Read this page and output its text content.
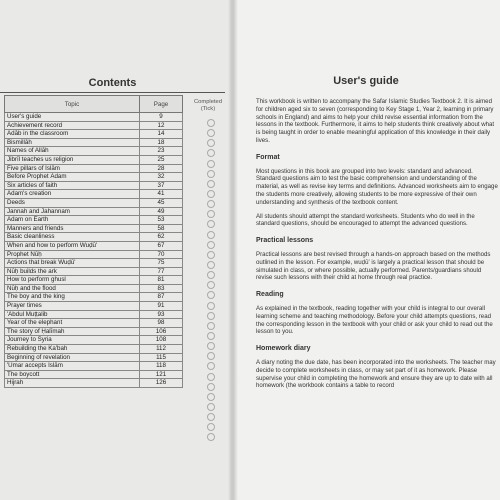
Contents
Topic	Page
User's guide	9
Achievement record	12
Ādāb in the classroom	14
Bismillāh	18
Names of Allāh	23
Jibrīl teaches us religion	25
Five pillars of Islām	28
Before Prophet Ādam	32
Six articles of faith	37
Ādam's creation	41
Deeds	45
Jannah and Jahannam	49
Ādam on Earth	53
Manners and friends	58
Basic cleanliness	62
When and how to perform Wuḍū'	67
Prophet Nūḥ	70
Actions that break Wuḍū'	75
Nūḥ builds the ark	77
How to perform ghusl	81
Nūḥ and the flood	83
The boy and the king	87
Prayer times	91
'Abdul Muṭṭalib	93
Year of the elephant	98
The story of Ḥalīmah	106
Journey to Syria	108
Rebuilding the Ka'bah	112
Beginning of revelation	115
'Umar accepts Islām	118
The boycott	121
Hijrah	126
Completed
(Tick)
User's guide

This workbook is written to accompany the Safar Islamic Studies Textbook 2. It is aimed for children aged six to seven (corresponding to Key Stage 1, Year 2, learning in primary schools in England) and aims to help your child revise essential information from the lessons in the textbook. Furthermore, it aims to help students think creatively about what is being taught in order to enable meaningful application of this knowledge in their daily lives.

Format

Most questions in this book are grouped into two levels: standard and advanced. Standard questions aim to test the basic comprehension and understanding of the material, as well as revise key terms and definitions. Advanced worksheets aim to engage the students more creatively, allowing students to be more expressive of their own understanding and synthesis of the textbook content.

All students should attempt the standard worksheets. Students who do well in the standard questions, should be encouraged to attempt the advanced questions.

Practical lessons

Practical lessons are best revised through a hands-on approach based on the methods outlined in the lesson. For example, wuḍū' is largely a practical lesson that should be simulated in class, or where possible, actually performed. Parents/guardians should revise such lessons with their child at home through real practice.

Reading

As explained in the textbook, reading together with your child is integral to our overall learning scheme and teaching methodology. Before your child attempts questions, read the corresponding lesson in the textbook with your child or ask your child to read out the lesson to you.

Homework diary

A diary noting the due date, has been incorporated into the worksheets. The teacher may decide to complete worksheets in class, or may set part of it as homework. Please supervise your child in completing the homework and ensure they are up to date with all homework (the workbook contains a table to record
